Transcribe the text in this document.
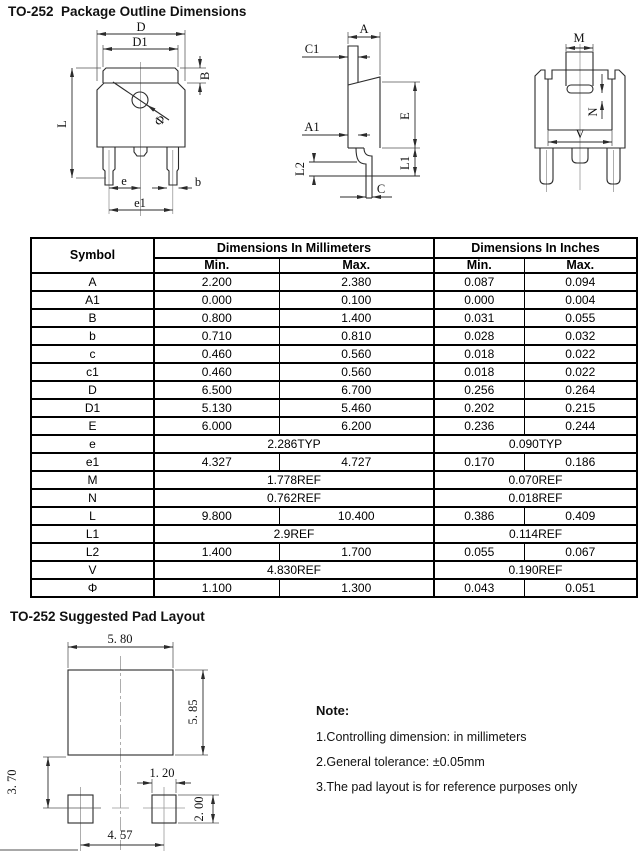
TO-252  Package Outline Dimensions
D
D1
B
L	Φ
e	b
e1
A
C1
A1
L2
C
E
L1
M
N
V
Symbol	Dimensions In Millimeters		Dimensions In Inches	
	Min.	Max.	Min.	Max.
A	2.200	2.380	0.087	0.094
A1	0.000	0.100	0.000	0.004
B	0.800	1.400	0.031	0.055
b	0.710	0.810	0.028	0.032
c	0.460	0.560	0.018	0.022
c1	0.460	0.560	0.018	0.022
D	6.500	6.700	0.256	0.264
D1	5.130	5.460	0.202	0.215
E	6.000	6.200	0.236	0.244
e	2.286TYP		0.090TYP	
e1	4.327	4.727	0.170	0.186
M	1.778REF		0.070REF	
N	0.762REF		0.018REF	
L	9.800	10.400	0.386	0.409
L1	2.9REF		0.114REF	
L2	1.400	1.700	0.055	0.067
V	4.830REF		0.190REF	
Φ	1.100	1.300	0.043	0.051
TO-252 Suggested Pad Layout
5. 80
5. 85
3. 70	1. 20
2. 00
4. 57
Note:
1.Controlling dimension: in millimeters
2.General tolerance: ±0.05mm
3.The pad layout is for reference purposes only
